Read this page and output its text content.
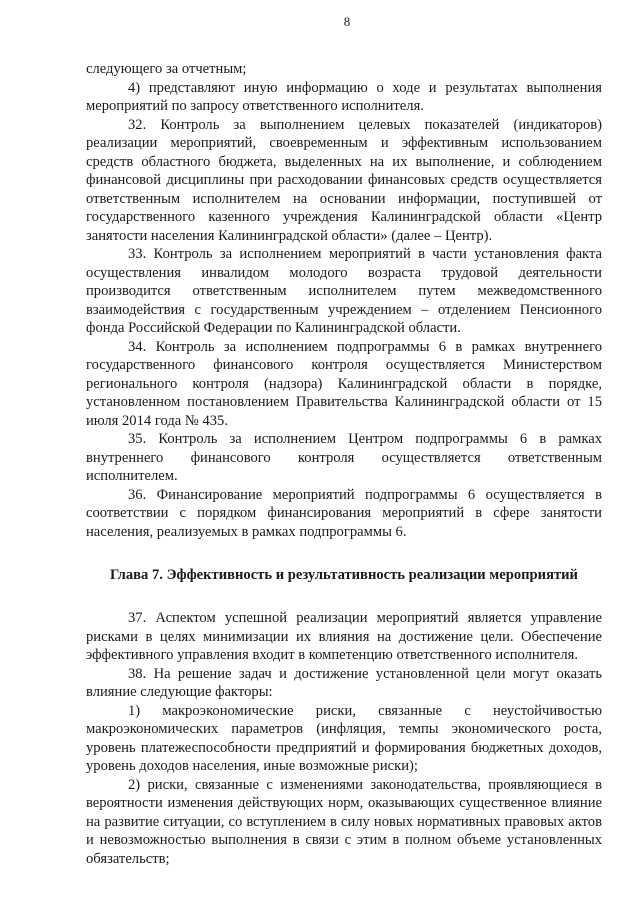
8

следующего за отчетным;

4) представляют иную информацию о ходе и результатах выполнения мероприятий по запросу ответственного исполнителя.

32. Контроль за выполнением целевых показателей (индикаторов) реализации мероприятий, своевременным и эффективным использованием средств областного бюджета, выделенных на их выполнение, и соблюдением финансовой дисциплины при расходовании финансовых средств осуществляется ответственным исполнителем на основании информации, поступившей от государственного казенного учреждения Калининградской области «Центр занятости населения Калининградской области» (далее – Центр).

33. Контроль за исполнением мероприятий в части установления факта осуществления инвалидом молодого возраста трудовой деятельности производится ответственным исполнителем путем межведомственного взаимодействия с государственным учреждением – отделением Пенсионного фонда Российской Федерации по Калининградской области.

34. Контроль за исполнением подпрограммы 6 в рамках внутреннего государственного финансового контроля осуществляется Министерством регионального контроля (надзора) Калининградской области в порядке, установленном постановлением Правительства Калининградской области от 15 июля 2014 года № 435.

35. Контроль за исполнением Центром подпрограммы 6 в рамках внутреннего финансового контроля осуществляется ответственным исполнителем.

36. Финансирование мероприятий подпрограммы 6 осуществляется в соответствии с порядком финансирования мероприятий в сфере занятости населения, реализуемых в рамках подпрограммы 6.

Глава 7. Эффективность и результативность реализации мероприятий

37. Аспектом успешной реализации мероприятий является управление рисками в целях минимизации их влияния на достижение цели. Обеспечение эффективного управления входит в компетенцию ответственного исполнителя.

38. На решение задач и достижение установленной цели могут оказать влияние следующие факторы:

1) макроэкономические риски, связанные с неустойчивостью макроэкономических параметров (инфляция, темпы экономического роста, уровень платежеспособности предприятий и формирования бюджетных доходов, уровень доходов населения, иные возможные риски);

2) риски, связанные с изменениями законодательства, проявляющиеся в вероятности изменения действующих норм, оказывающих существенное влияние на развитие ситуации, со вступлением в силу новых нормативных правовых актов и невозможностью выполнения в связи с этим в полном объеме установленных обязательств;
